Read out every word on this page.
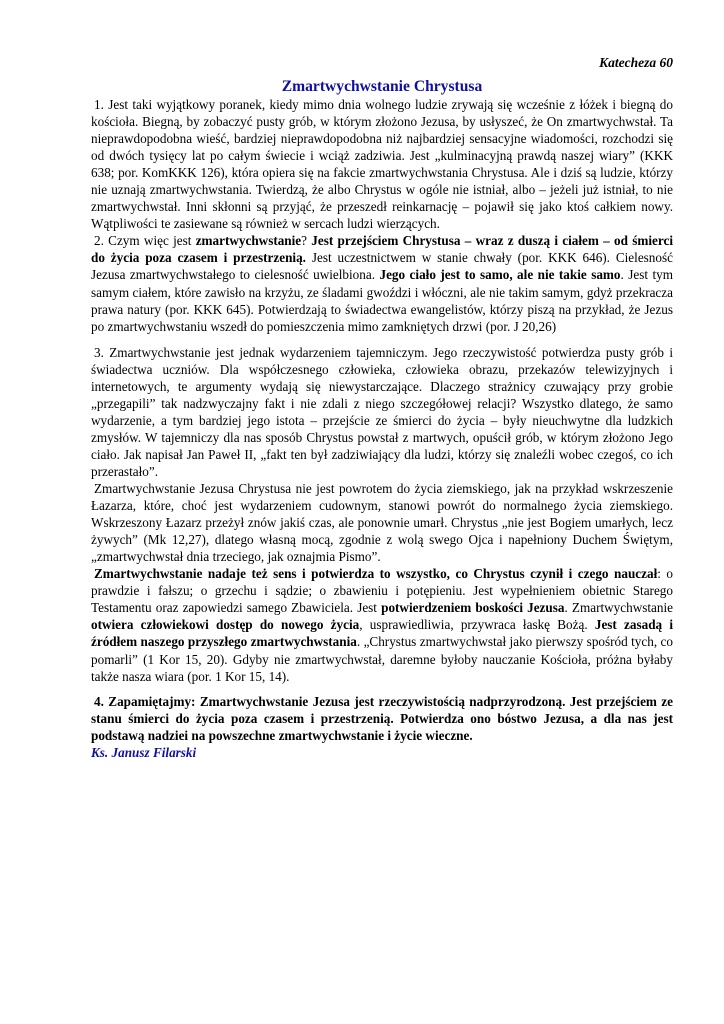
Katecheza 60
Zmartwychwstanie Chrystusa

1. Jest taki wyjątkowy poranek, kiedy mimo dnia wolnego ludzie zrywają się wcześnie z łóżek i biegną do kościoła. Biegną, by zobaczyć pusty grób, w którym złożono Jezusa, by usłyszeć, że On zmartwychwstał. Ta nieprawdopodobna wieść, bardziej nieprawdopodobna niż najbardziej sensacyjne wiadomości, rozchodzi się od dwóch tysięcy lat po całym świecie i wciąż zadziwia. Jest „kulminacyjną prawdą naszej wiary” (KKK 638; por. KomKKK 126), która opiera się na fakcie zmartwychwstania Chrystusa. Ale i dziś są ludzie, którzy nie uznają zmartwychwstania. Twierdzą, że albo Chrystus w ogóle nie istniał, albo – jeżeli już istniał, to nie zmartwychwstał. Inni skłonni są przyjąć, że przeszedł reinkarnację – pojawił się jako ktoś całkiem nowy. Wątpliwości te zasiewane są również w sercach ludzi wierzących.

2. Czym więc jest zmartwychwstanie? Jest przejściem Chrystusa – wraz z duszą i ciałem – od śmierci do życia poza czasem i przestrzenią. Jest uczestnictwem w stanie chwały (por. KKK 646). Cielesność Jezusa zmartwychwstałego to cielesność uwielbiona. Jego ciało jest to samo, ale nie takie samo. Jest tym samym ciałem, które zawisło na krzyżu, ze śladami gwoździ i włóczni, ale nie takim samym, gdyż przekracza prawa natury (por. KKK 645). Potwierdzają to świadectwa ewangelistów, którzy piszą na przykład, że Jezus po zmartwychwstaniu wszedł do pomieszczenia mimo zamkniętych drzwi (por. J 20,26)

3. Zmartwychwstanie jest jednak wydarzeniem tajemniczym. Jego rzeczywistość potwierdza pusty grób i świadectwa uczniów. Dla współczesnego człowieka, człowieka obrazu, przekazów telewizyjnych i internetowych, te argumenty wydają się niewystarczające. Dlaczego strażnicy czuwający przy grobie „przegapili” tak nadzwyczajny fakt i nie zdali z niego szczegółowej relacji? Wszystko dlatego, że samo wydarzenie, a tym bardziej jego istota – przejście ze śmierci do życia – były nieuchwytne dla ludzkich zmysłów. W tajemniczy dla nas sposób Chrystus powstał z martwych, opuścił grób, w którym złożono Jego ciało. Jak napisał Jan Paweł II, „fakt ten był zadziwiający dla ludzi, którzy się znaleźli wobec czegoś, co ich przerastało”.

Zmartwychwstanie Jezusa Chrystusa nie jest powrotem do życia ziemskiego, jak na przykład wskrzeszenie Łazarza, które, choć jest wydarzeniem cudownym, stanowi powrót do normalnego życia ziemskiego. Wskrzeszony Łazarz przeżył znów jakiś czas, ale ponownie umarł. Chrystus „nie jest Bogiem umarłych, lecz żywych” (Mk 12,27), dlatego własną mocą, zgodnie z wolą swego Ojca i napełniony Duchem Świętym, „zmartwychwstał dnia trzeciego, jak oznajmia Pismo”.

Zmartwychwstanie nadaje też sens i potwierdza to wszystko, co Chrystus czynił i czego nauczał: o prawdzie i fałszu; o grzechu i sądzie; o zbawieniu i potępieniu. Jest wypełnieniem obietnic Starego Testamentu oraz zapowiedzi samego Zbawiciela. Jest potwierdzeniem boskości Jezusa. Zmartwychwstanie otwiera człowiekowi dostęp do nowego życia, usprawiedliwia, przywraca łaskę Bożą. Jest zasadą i źródłem naszego przyszłego zmartwychwstania. „Chrystus zmartwychwstał jako pierwszy spośród tych, co pomarli” (1 Kor 15, 20). Gdyby nie zmartwychwstał, daremne byłoby nauczanie Kościoła, próżna byłaby także nasza wiara (por. 1 Kor 15, 14).

4. Zapamiętajmy: Zmartwychwstanie Jezusa jest rzeczywistością nadprzyrodzoną. Jest przejściem ze stanu śmierci do życia poza czasem i przestrzenią. Potwierdza ono bóstwo Jezusa, a dla nas jest podstawą nadziei na powszechne zmartwychwstanie i życie wieczne.

Ks. Janusz Filarski
